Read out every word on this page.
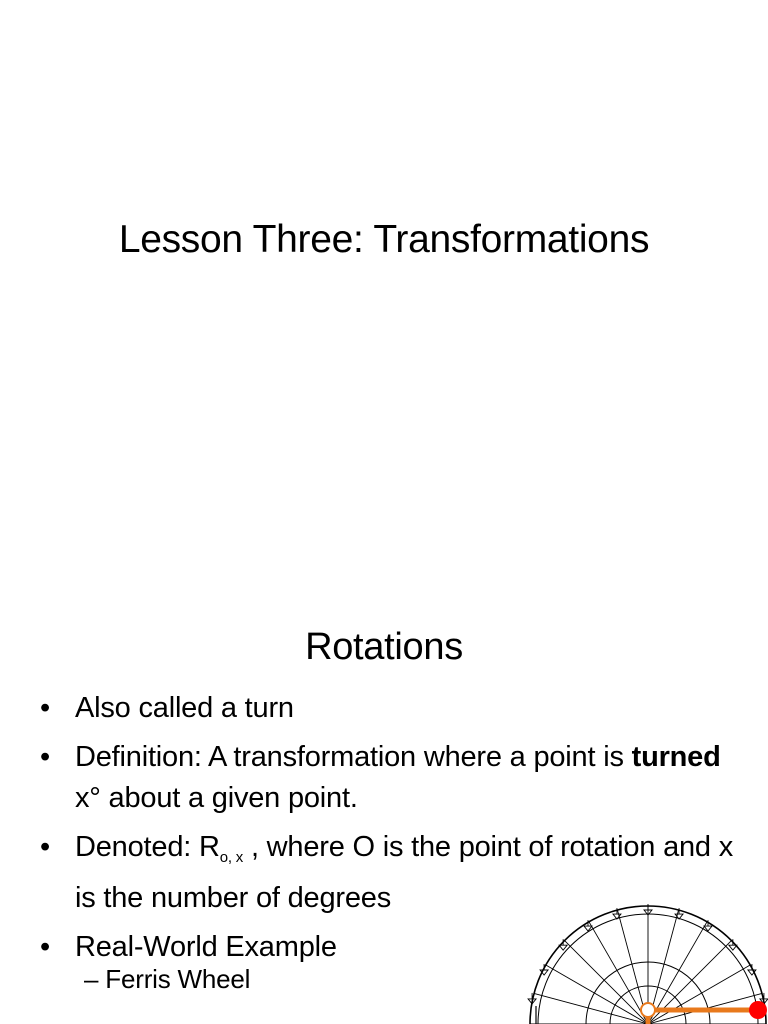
Lesson Three: Transformations
Rotations
• Also called a turn
• Definition: A transformation where a point is turned x° about a given point.
• Denoted: $R_{o, x}$ , where O is the point of rotation and x is the number of degrees
• Real-World Example
– Ferris Wheel
